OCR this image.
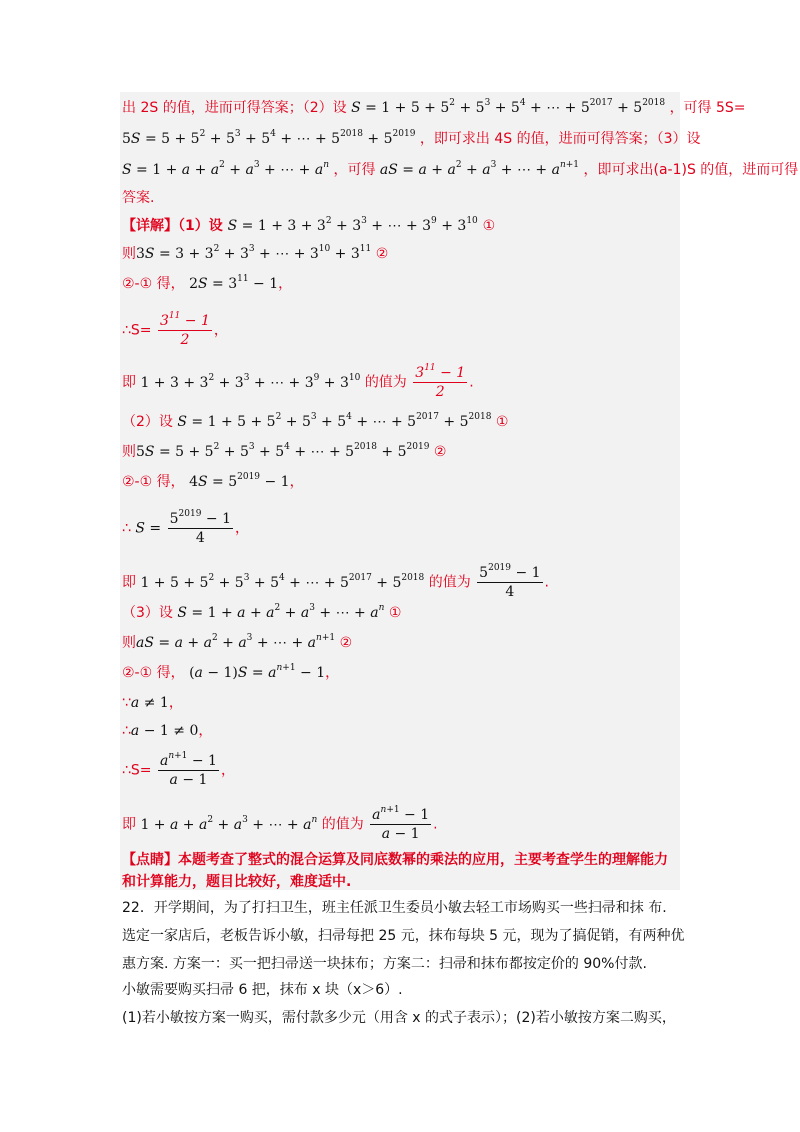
出 2S 的值，进而可得答案；（2）设 $S = 1 + 5 + 5^2 + 5^3 + 5^4$ + ⋯ + $5^{2017} + 5^{2018}$ ，可得 5S=
$5S = 5 + 5^2 + 5^3 + 5^4$ + ⋯ + $5^{2018} + 5^{2019}$ ，即可求出 4S 的值，进而可得答案；（3）设
$S = 1 + a + a^2 + a^3$ + ⋯ + $a^n$ ，可得 aS = $a + a^2 + a^3$ + ⋯ + $a^{n+1}$ ，即可求出(a-1)S 的值，进而可得
答案.
【详解】（1）设 $S = 1 + 3 + 3^2 + 3^3$ + ⋯ + $3^9 + 3^{10}$ ①
则$3S = 3 + 3^2 + 3^3$ + ⋯ + $3^{10} + 3^{11}$ ②
②-① 得， $2S = 3^{11} - 1$，
∴S= $\frac{3^{11} - 1}{2}$ ，
即 $1 + 3 + 3^2 + 3^3$ + ⋯ + $3^9 + 3^{10}$ 的值为 $\frac{3^{11} - 1}{2}$ .
（2）设 $S = 1 + 5 + 5^2 + 5^3 + 5^4$ + ⋯ + $5^{2017} + 5^{2018}$ ①
则$5S = 5 + 5^2 + 5^3 + 5^4$ + ⋯ + $5^{2018} + 5^{2019}$ ②
②-① 得， $4S = 5^{2019} - 1$，
∴ $S = \frac{5^{2019} - 1}{4}$ ，
即 $1 + 5 + 5^2 + 5^3 + 5^4$ + ⋯ + $5^{2017} + 5^{2018}$ 的值为 $\frac{5^{2019} - 1}{4}$ .
（3）设 $S = 1 + a + a^2 + a^3$ + ⋯ + $a^n$ ①
则aS = $a + a^2 + a^3$ + ⋯ + $a^{n+1}$ ②
②-① 得， $(a - 1)S = a^{n+1} - 1$，
∵a ≠ 1，
∴a − 1 ≠ 0，
∴S= $\frac{a^{n+1} - 1}{a - 1}$ ，
即 $1 + a + a^2 + a^3$ + ⋯ + $a^n$ 的值为 $\frac{a^{n+1} - 1}{a - 1}$ .
【点睛】本题考查了整式的混合运算及同底数幂的乘法的应用，主要考查学生的理解能力
和计算能力，题目比较好，难度适中.
22．开学期间，为了打扫卫生，班主任派卫生委员小敏去轻工市场购买一些扫帚和抹 布.
选定一家店后，老板告诉小敏，扫帚每把 25 元，抹布每块 5 元，现为了搞促销，有两种优
惠方案. 方案一：买一把扫帚送一块抹布；方案二：扫帚和抹布都按定价的 90%付款.
小敏需要购买扫帚 6 把，抹布 x 块（x＞6）.
(1)若小敏按方案一购买，需付款多少元（用含 x 的式子表示）；(2)若小敏按方案二购买，
